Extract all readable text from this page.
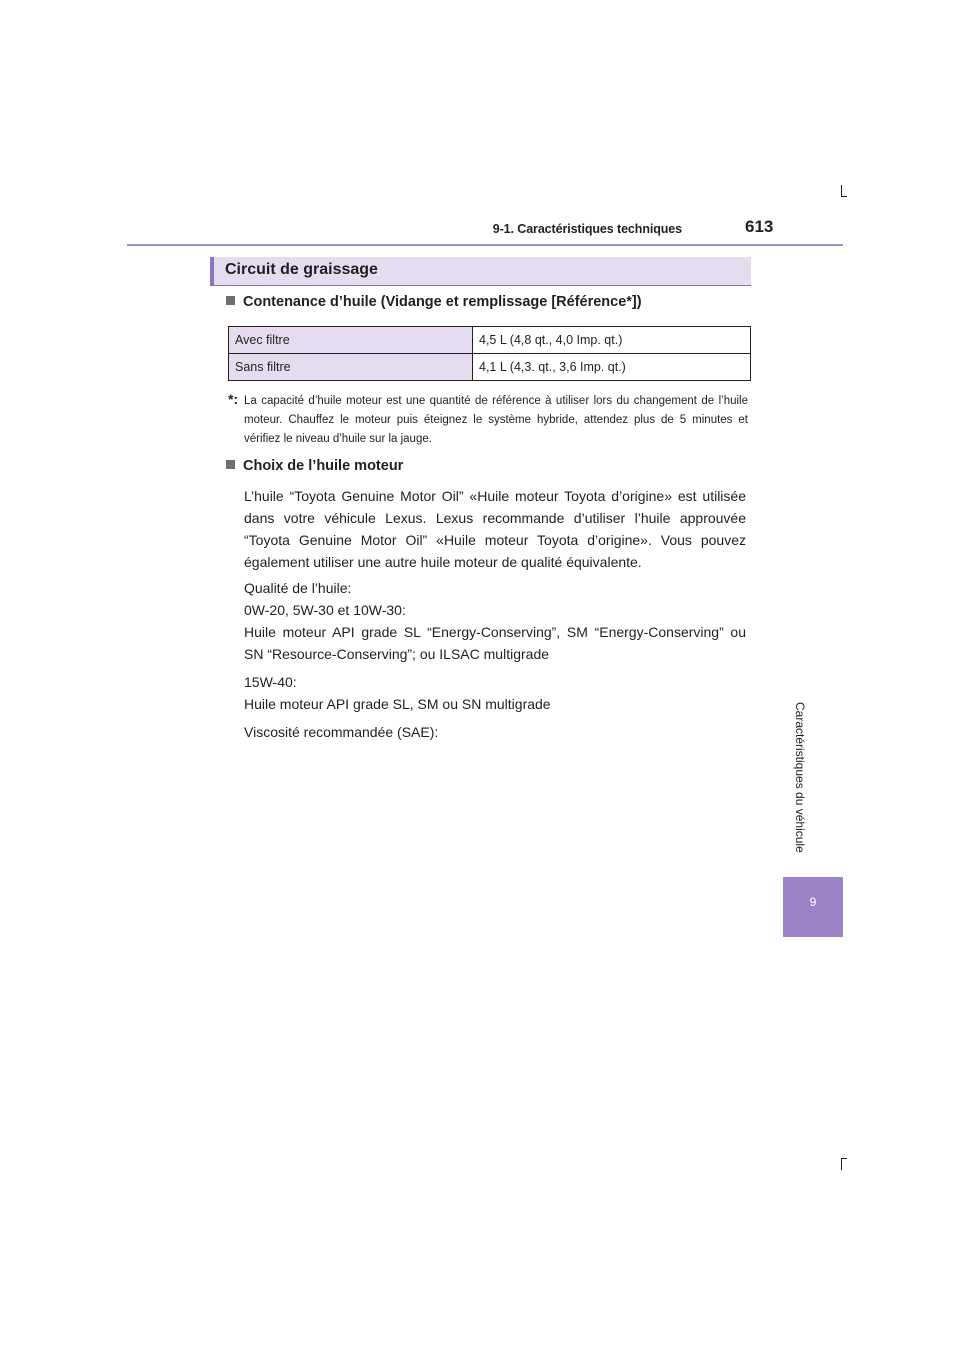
9-1. Caractéristiques techniques	613
Caractéristiques du véhicule
9
Circuit de graissage
Contenance d’huile (Vidange et remplissage [Référence*])
Avec filtre	4,5 L (4,8 qt., 4,0 Imp. qt.)
Sans filtre	4,1 L (4,3. qt., 3,6 Imp. qt.)
*: La capacité d’huile moteur est une quantité de référence à utiliser lors du changement de l’huile moteur. Chauffez le moteur puis éteignez le système hybride, attendez plus de 5 minutes et vérifiez le niveau d’huile sur la jauge.
Choix de l’huile moteur
L’huile “Toyota Genuine Motor Oil” «Huile moteur Toyota d’origine» est utilisée dans votre véhicule Lexus. Lexus recommande d’utiliser l’huile approuvée “Toyota Genuine Motor Oil” «Huile moteur Toyota d’origine». Vous pouvez également utiliser une autre huile moteur de qualité équivalente.
Qualité de l’huile:
0W-20, 5W-30 et 10W-30:
Huile moteur API grade SL “Energy-Conserving”, SM “Energy-Conserving” ou SN “Resource-Conserving”; ou ILSAC multigrade
15W-40:
Huile moteur API grade SL, SM ou SN multigrade
Viscosité recommandée (SAE):
